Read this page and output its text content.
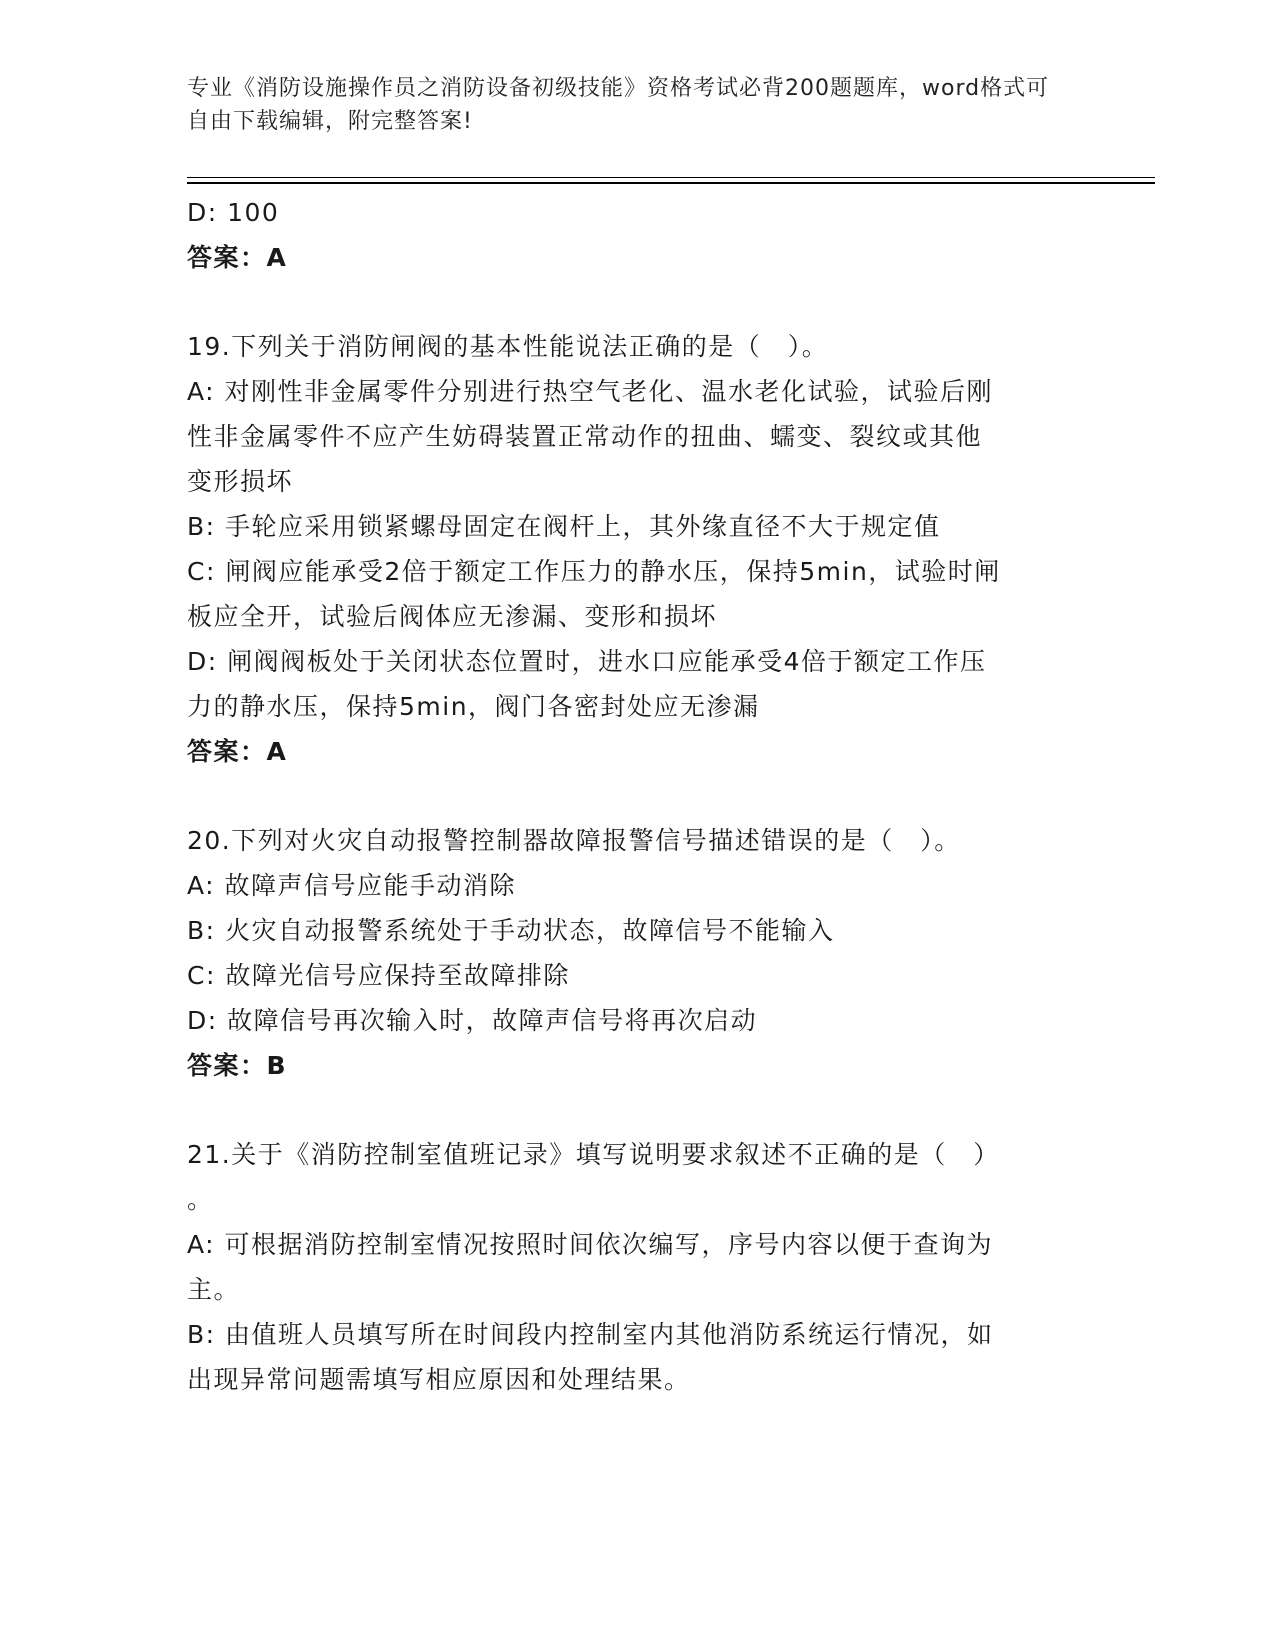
专业《消防设施操作员之消防设备初级技能》资格考试必背200题题库，word格式可自由下载编辑，附完整答案!
D: 100
答案：A
19.下列关于消防闸阀的基本性能说法正确的是（　）。
A: 对刚性非金属零件分别进行热空气老化、温水老化试验，试验后刚
性非金属零件不应产生妨碍装置正常动作的扭曲、蠕变、裂纹或其他
变形损坏
B: 手轮应采用锁紧螺母固定在阀杆上，其外缘直径不大于规定值
C: 闸阀应能承受2倍于额定工作压力的静水压，保持5min，试验时闸
板应全开，试验后阀体应无渗漏、变形和损坏
D: 闸阀阀板处于关闭状态位置时，进水口应能承受4倍于额定工作压
力的静水压，保持5min，阀门各密封处应无渗漏
答案：A
20.下列对火灾自动报警控制器故障报警信号描述错误的是（　）。
A: 故障声信号应能手动消除
B: 火灾自动报警系统处于手动状态，故障信号不能输入
C: 故障光信号应保持至故障排除
D: 故障信号再次输入时，故障声信号将再次启动
答案：B
21.关于《消防控制室值班记录》填写说明要求叙述不正确的是（　）
。
A: 可根据消防控制室情况按照时间依次编写，序号内容以便于查询为
主。
B: 由值班人员填写所在时间段内控制室内其他消防系统运行情况，如
出现异常问题需填写相应原因和处理结果。
